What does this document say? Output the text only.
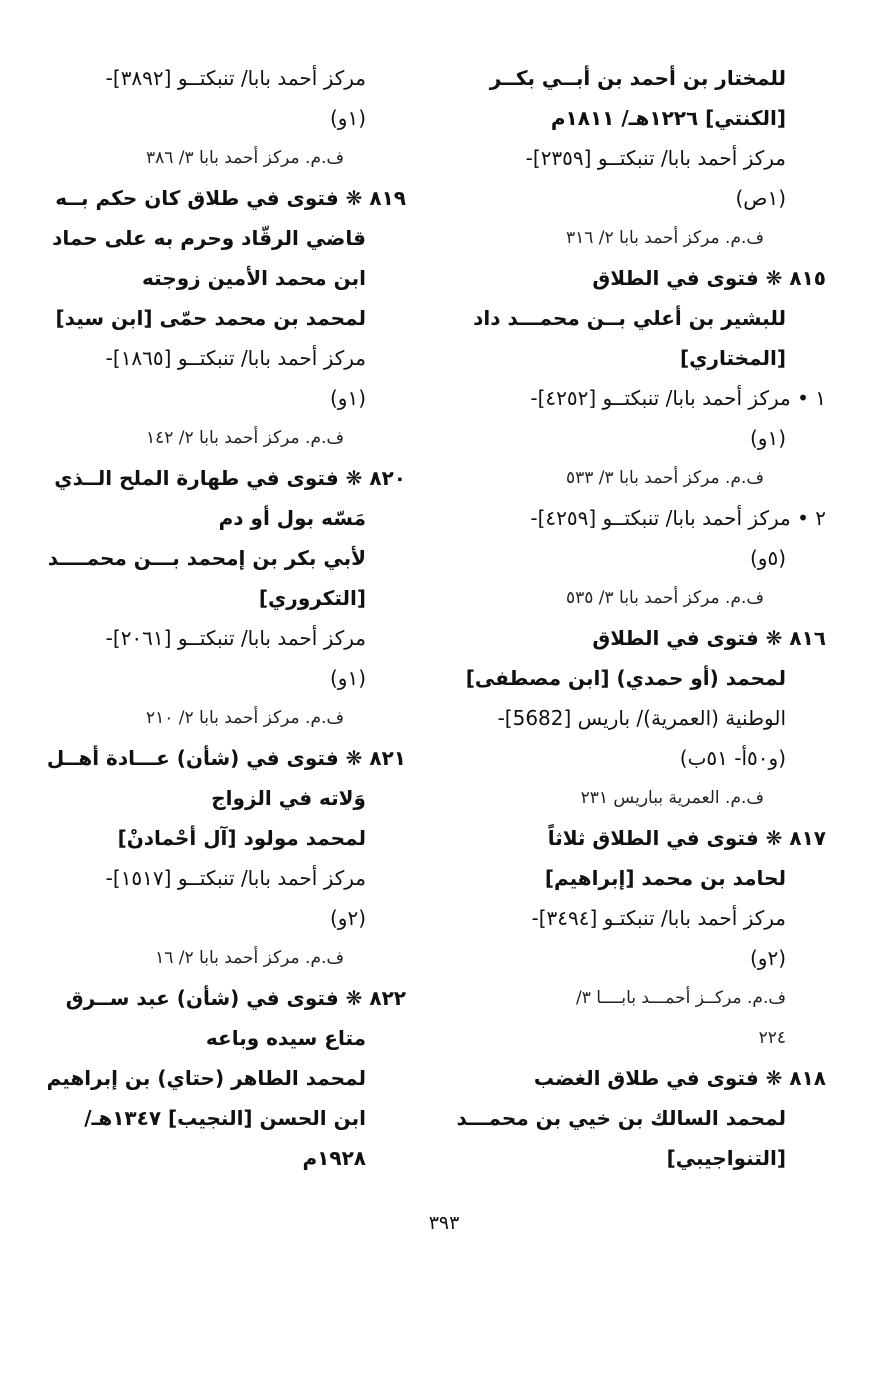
للمختار بن أحمد بن أبــي بكــر
[الكنتي] ١٢٢٦هـ/ ١٨١١م
مركز أحمد بابا/ تنبكتــو [٢٣٥٩]-
(١ص)
ف.م. مركز أحمد بابا ٢/ ٣١٦
٨١٥ ❋ فتوى في الطلاق
للبشير بن أعلي بــن محمـــد داد
[المختاري]
١ • مركز أحمد بابا/ تنبكتــو [٤٢٥٢]-
(١و)
ف.م. مركز أحمد بابا ٣/ ٥٣٣
٢ • مركز أحمد بابا/ تنبكتــو [٤٢٥٩]-
(٥و)
ف.م. مركز أحمد بابا ٣/ ٥٣٥
٨١٦ ❋ فتوى في الطلاق
لمحمد (أو حمدي) [ابن مصطفى]
الوطنية (العمرية)/ باريس [5682]-
(و٥٠أ- ٥١ب)
ف.م. العمرية بباريس ٢٣١
٨١٧ ❋ فتوى في الطلاق ثلاثاً
لحامد بن محمد [إبراهيم]
مركز أحمد بابا/ تنبكتـو [٣٤٩٤]-
(٢و)
ف.م. مركــز أحمـــد بابــــا ٣/
٢٢٤
٨١٨ ❋ فتوى في طلاق الغضب
لمحمد السالك بن خيي بن محمـــد
[التنواجيبي]
مركز أحمد بابا/ تنبكتــو [٣٨٩٢]-
(١و)
ف.م. مركز أحمد بابا ٣/ ٣٨٦
٨١٩ ❋ فتوى في طلاق كان حكم بــه
قاضي الرقّاد وحرم به على حماد
ابن محمد الأمين زوجته
لمحمد بن محمد حمّى [ابن سيد]
مركز أحمد بابا/ تنبكتــو [١٨٦٥]-
(١و)
ف.م. مركز أحمد بابا ٢/ ١٤٢
٨٢٠ ❋ فتوى في طهارة الملح الــذي
مَسّه بول أو دم
لأبي بكر بن إمحمد بـــن محمــــد
[التكروري]
مركز أحمد بابا/ تنبكتــو [٢٠٦١]-
(١و)
ف.م. مركز أحمد بابا ٢/ ٢١٠
٨٢١ ❋ فتوى في (شأن) عـــادة أهــل
وَلاته في الزواج
لمحمد مولود [آل أحْمادنْ]
مركز أحمد بابا/ تنبكتــو [١٥١٧]-
(٢و)
ف.م. مركز أحمد بابا ٢/ ١٦
٨٢٢ ❋ فتوى في (شأن) عبد ســرق
متاع سيده وباعه
لمحمد الطاهر (حتاي) بن إبراهيم
ابن الحسن [النجيب] ١٣٤٧هـ/
١٩٢٨م
٣٩٣
